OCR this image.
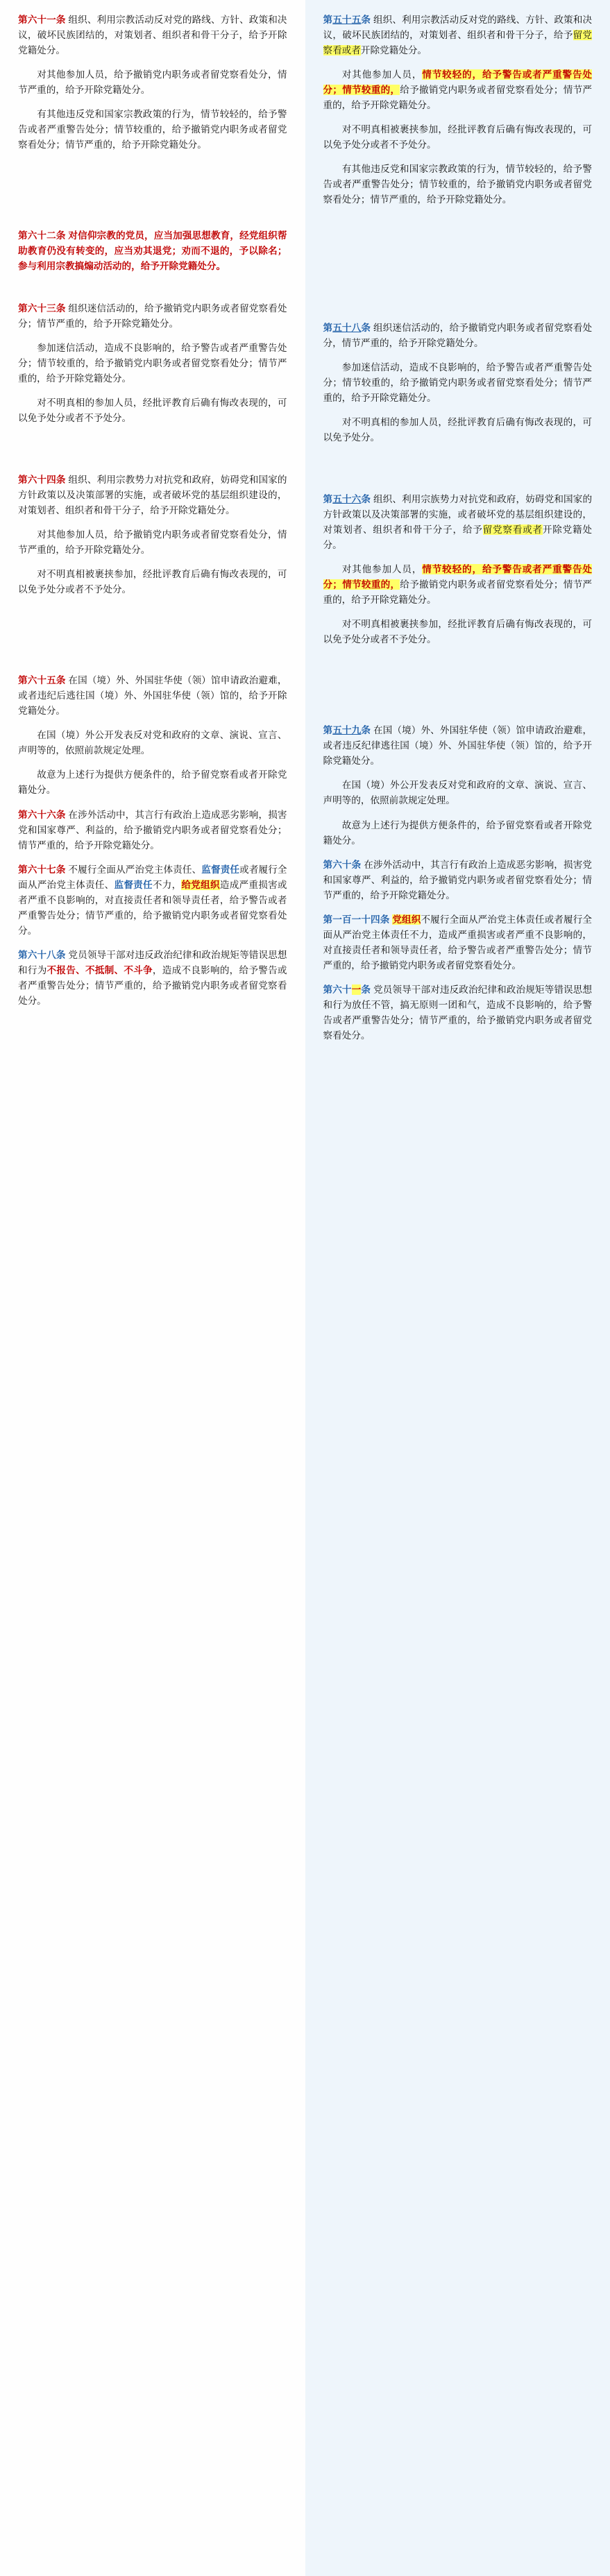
第六十一条 组织、利用宗教活动反对党的路线、方针、政策和决议，破坏民族团结的，对策划者、组织者和骨干分子，给予开除党籍处分。

对其他参加人员，给予撤销党内职务或者留党察看处分，情节严重的，给予开除党籍处分。

有其他违反党和国家宗教政策的行为，情节较轻的，给予警告或者严重警告处分；情节较重的，给予撤销党内职务或者留党察看处分；情节严重的，给予开除党籍处分。

第六十二条 对信仰宗教的党员，应当加强思想教育，经党组织帮助教育仍没有转变的，应当劝其退党；劝而不退的，予以除名；参与利用宗教搞煽动活动的，给予开除党籍处分。

第六十三条 组织迷信活动的，给予撤销党内职务或者留党察看处分；情节严重的，给予开除党籍处分。

参加迷信活动，造成不良影响的，给予警告或者严重警告处分；情节较重的，给予撤销党内职务或者留党察看处分；情节严重的，给予开除党籍处分。

对不明真相的参加人员，经批评教育后确有悔改表现的，可以免予处分或者不予处分。

第六十四条 组织、利用宗教势力对抗党和政府，妨碍党和国家的方针政策以及决策部署的实施，或者破坏党的基层组织建设的，对策划者、组织者和骨干分子，给予开除党籍处分。

对其他参加人员，给予撤销党内职务或者留党察看处分，情节严重的，给予开除党籍处分。

对不明真相被裹挟参加，经批评教育后确有悔改表现的，可以免予处分或者不予处分。

第六十五条 在国（境）外、外国驻华使（领）馆申请政治避难，或者违纪后逃往国（境）外、外国驻华使（领）馆的，给予开除党籍处分。

在国（境）外公开发表反对党和政府的文章、演说、宣言、声明等的，依照前款规定处理。

故意为上述行为提供方便条件的，给予留党察看或者开除党籍处分。

第六十六条 在涉外活动中，其言行有政治上造成恶劣影响，损害党和国家尊严、利益的，给予撤销党内职务或者留党察看处分；情节严重的，给予开除党籍处分。

第六十七条 不履行全面从严治党主体责任、监督责任或者履行全面从严治党主体责任、监督责任不力，给党组织造成严重损害或者严重不良影响的，对直接责任者和领导责任者，给予警告或者严重警告处分；情节严重的，给予撤销党内职务或者留党察看处分。

第六十八条 党员领导干部对违反政治纪律和政治规矩等错误思想和行为不报告、不抵制、不斗争，造成不良影响的，给予警告或者严重警告处分；情节严重的，给予撤销党内职务或者留党察看处分。

第五十五条 组织、利用宗教活动反对党的路线、方针、政策和决议，破坏民族团结的，对策划者、组织者和骨干分子，给予留党察看或者开除党籍处分。

对其他参加人员，情节较轻的，给予警告或者严重警告处分；情节较重的，给予撤销党内职务或者留党察看处分；情节严重的，给予开除党籍处分。

对不明真相被裹挟参加，经批评教育后确有悔改表现的，可以免予处分或者不予处分。

有其他违反党和国家宗教政策的行为，情节较轻的，给予警告或者严重警告处分；情节较重的，给予撤销党内职务或者留党察看处分；情节严重的，给予开除党籍处分。

第五十八条 组织迷信活动的，给予撤销党内职务或者留党察看处分，情节严重的，给予开除党籍处分。

参加迷信活动，造成不良影响的，给予警告或者严重警告处分；情节较重的，给予撤销党内职务或者留党察看处分；情节严重的，给予开除党籍处分。

对不明真相的参加人员，经批评教育后确有悔改表现的，可以免予处分。

第五十六条 组织、利用宗族势力对抗党和政府，妨碍党和国家的方针政策以及决策部署的实施，或者破坏党的基层组织建设的，对策划者、组织者和骨干分子，给予留党察看或者开除党籍处分。

对其他参加人员，情节较轻的，给予警告或者严重警告处分；情节较重的，给予撤销党内职务或者留党察看处分；情节严重的，给予开除党籍处分。

对不明真相被裹挟参加，经批评教育后确有悔改表现的，可以免予处分或者不予处分。

第五十九条 在国（境）外、外国驻华使（领）馆申请政治避难，或者违反纪律逃往国（境）外、外国驻华使（领）馆的，给予开除党籍处分。

在国（境）外公开发表反对党和政府的文章、演说、宣言、声明等的，依照前款规定处理。

故意为上述行为提供方便条件的，给予留党察看或者开除党籍处分。

第六十条 在涉外活动中，其言行有政治上造成恶劣影响，损害党和国家尊严、利益的，给予撤销党内职务或者留党察看处分；情节严重的，给予开除党籍处分。

第一百一十四条 党组织不履行全面从严治党主体责任或者履行全面从严治党主体责任不力，造成严重损害或者严重不良影响的，对直接责任者和领导责任者，给予警告或者严重警告处分；情节严重的，给予撤销党内职务或者留党察看处分。

第六十一条 党员领导干部对违反政治纪律和政治规矩等错误思想和行为放任不管，搞无原则一团和气，造成不良影响的，给予警告或者严重警告处分；情节严重的，给予撤销党内职务或者留党察看处分。
